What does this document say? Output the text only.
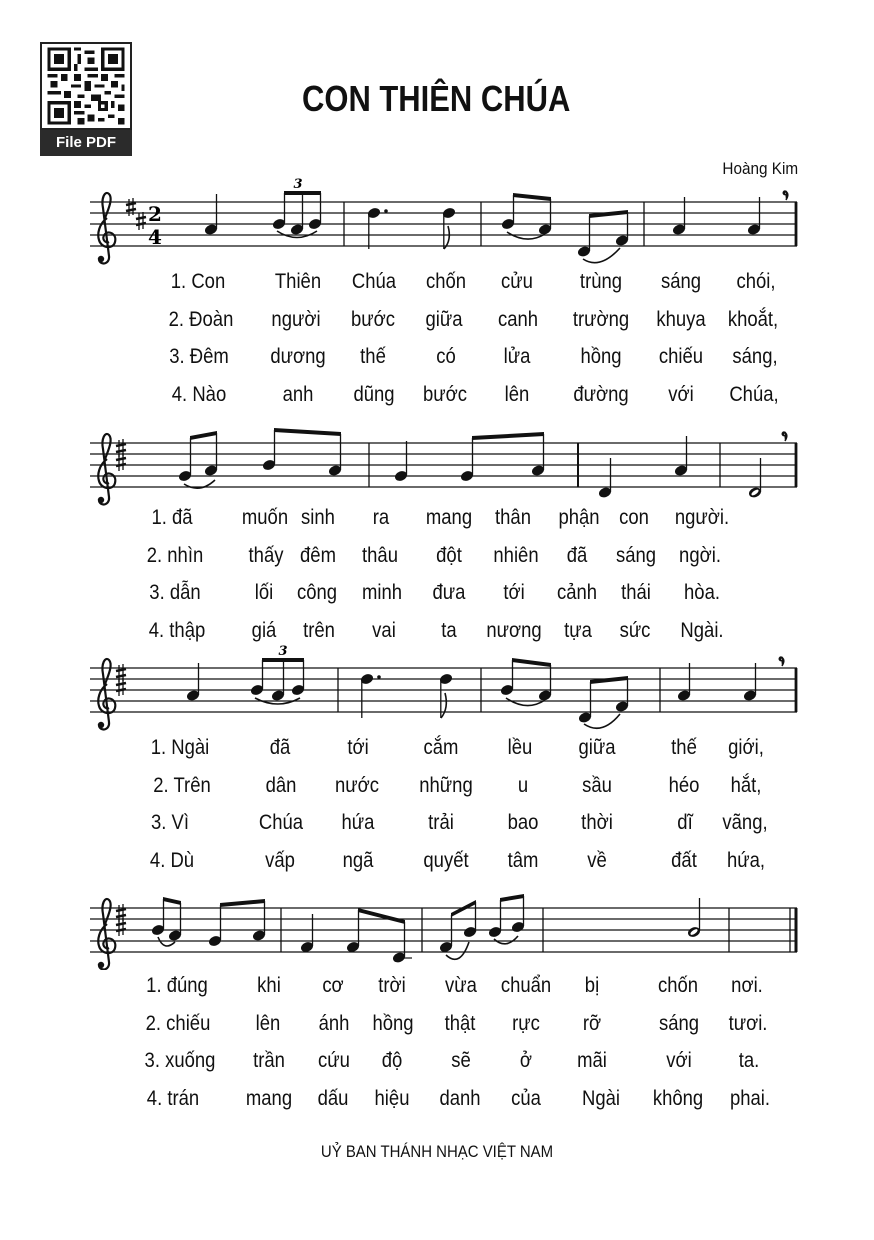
File PDF
CON THIÊN CHÚA
Hoàng Kim
2
4
3
3
1. Con Thiên Chúa chốn cửu trùng sáng chói,
2. Đoàn người bước giữa canh trường khuya khoắt,
3. Đêm dương thế có lửa hồng chiếu sáng,
4. Nào	anh dũng bước lên đường với Chúa,
1. đã muốn sinh ra mang thân phận con người.
2. nhìn thấy đêm thâu đột nhiên đã sáng ngời.
3. dẫn	lối công minh đưa tới cảnh thái hòa.
4. thập giá trên vai ta nương tựa sức Ngài.
1. Ngài	đã	tới	cắm lều giữa	thế giới,
2. Trên	dân nước những u	sầu	héo hắt,
3. Vì	Chúa hứa	trải	bao thời	dĩ vãng,
4. Dù	vấp ngã quyết tâm về	đất hứa,
1. đúng khi cơ trời vừa chuẩn bị	chốn nơi.
2. chiếu lên ánh hồng thật rực rỡ	sáng tươi.
3. xuống trần cứu độ sẽ ở mãi	với ta.
4. trán mang dấu hiệu danh của Ngài không phai.
UỶ BAN THÁNH NHẠC VIỆT NAM
